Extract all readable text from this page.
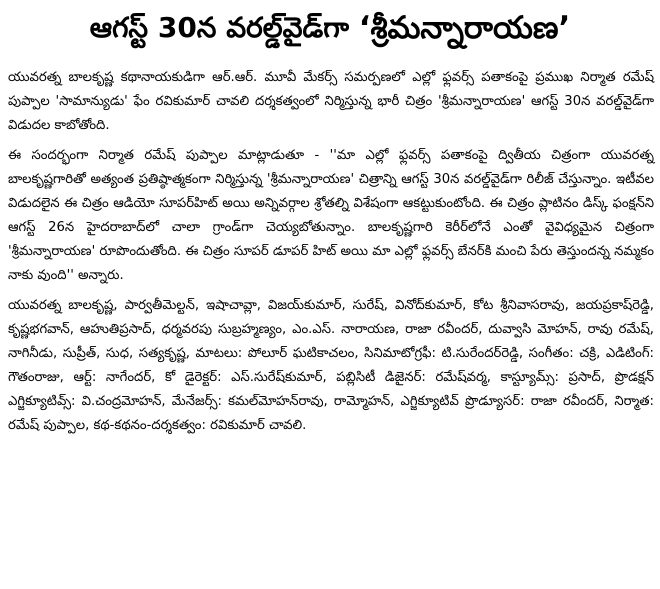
ఆగస్ట్ 30న వరల్డ్‌వైడ్‌గా
‘శ్రీమన్నారాయణ’

యువరత్న బాలకృష్ణ కథానాయకుడిగా ఆర్.ఆర్. మూవీ మేకర్స్ సమర్పణలో ఎల్లో ఫ్లవర్స్ పతాకంపై ప్రముఖ నిర్మాత రమేష్ పుప్పాల 'సామాన్యుడు' ఫేం రవికుమార్ చావలి దర్శకత్వంలో నిర్మిస్తున్న భారీ చిత్రం 'శ్రీమన్నారాయణ' ఆగస్ట్ 30న వరల్డ్‌వైడ్‌గా విడుదల కాబోతోంది.

ఈ సందర్భంగా నిర్మాత రమేష్ పుప్పాల మాట్లాడుతూ - ''మా ఎల్లో ఫ్లవర్స్ పతాకంపై ద్వితీయ చిత్రంగా యువరత్న బాలకృష్ణగారితో అత్యంత ప్రతిష్ఠాత్మకంగా నిర్మిస్తున్న 'శ్రీమన్నారాయణ' చిత్రాన్ని ఆగస్ట్ 30న వరల్డ్‌వైడ్‌గా రిలీజ్ చేస్తున్నాం. ఇటీవల విడుదలైన ఈ చిత్రం ఆడియో సూపర్‌హిట్ అయి అన్నివర్గాల శ్రోతల్ని విశేషంగా ఆకట్టుకుంటోంది. ఈ చిత్రం ప్లాటినం డిస్క్ ఫంక్షన్‌ని ఆగస్ట్ 26న హైదరాబాద్‌లో చాలా గ్రాండ్‌గా చెయ్యబోతున్నాం. బాలకృష్ణగారి కెరీర్‌లోనే ఎంతో వైవిధ్యమైన చిత్రంగా 'శ్రీమన్నారాయణ' రూపొందుతోంది. ఈ చిత్రం సూపర్ డూపర్ హిట్ అయి మా ఎల్లో ఫ్లవర్స్ బేనర్‌కి మంచి పేరు తెస్తుందన్న నమ్మకం నాకు వుంది'' అన్నారు.

యువరత్న బాలకృష్ణ, పార్వతీమెల్టన్, ఇషాచావ్లా, విజయ్‌కుమార్, సురేష్, వినోద్‌కుమార్, కోట శ్రీనివాసరావు, జయప్రకాష్‌రెడ్డి, కృష్ణభగవాన్, ఆహుతిప్రసాద్, ధర్మవరపు సుబ్రహ్మణ్యం, ఎం.ఎస్. నారాయణ, రాజా రవీందర్, దువ్వాసి మోహన్, రావు రమేష్, నాగినీడు, సుప్రీత్, సుధ, సత్యకృష్ణ, మాటలు: పోలూర్ ఘటికాచలం, సినిమాటోగ్రఫీ: టి.సురేందర్‌రెడ్డి, సంగీతం: చక్రి, ఎడిటింగ్: గౌతంరాజు, ఆర్ట్: నాగేందర్, కో డైరెక్టర్: ఎస్.సురేష్‌కుమార్, పబ్లిసిటీ డిజైనర్: రమేష్‌వర్మ, కాస్ట్యూమ్స్: ప్రసాద్, ప్రొడక్షన్ ఎగ్జిక్యూటివ్స్: వి.చంద్రమోహన్, మేనేజర్స్: కమల్‌మోహన్‌రావు, రామ్మోహన్, ఎగ్జిక్యూటివ్ ప్రొడ్యూసర్: రాజా రవీందర్, నిర్మాత: రమేష్ పుప్పాల, కథ-కథనం-దర్శకత్వం: రవికుమార్ చావలి.
